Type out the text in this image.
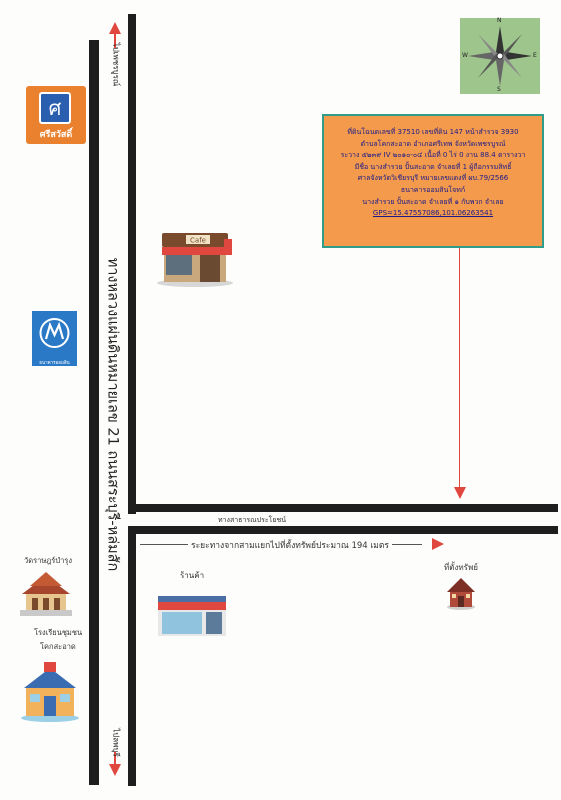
ไปเพชรบูรณ์
ไปลพบุรี
ทางหลวงแผ่นดินหมายเลข 21 ถนนสระบุรี-หล่มสัก	ทางสาธารณประโยชน์
ระยะทางจากสามแยกไปที่ตั้งทรัพย์ประมาณ 194 เมตร
N
S
E
W
ที่ดินโฉนดเลขที่ 37510 เลขที่ดิน 147 หน้าสำรวจ 3930
ตำบลโคกสะอาด อำเภอศรีเทพ จังหวัดเพชรบูรณ์
ระวาง ๕๒๓๙ IV ๒๐๑๐-๐๔ เนื้อที่ 0 ไร่ 0 งาน 88.4 ตารางวา
มีชื่อ นางสำรวย ปั้นสะอาด จำเลยที่ 1 ผู้ถือกรรมสิทธิ์
ศาลจังหวัดวิเชียรบุรี หมายเลขแดงที่ ผบ.79/2566
ธนาคารออมสินโจทก์
นางสำรวย ปั้นสะอาด จำเลยที่ ๑ กับพวก จำเลย
GPS=15.47557086,101.06263541
ศ
ศรีสวัสดิ์
ธนาคารออมสิน
Cafe
วัดราษฎร์บำรุง
โรงเรียนชุมชน
โคกสะอาด
ร้านค้า
ที่ตั้งทรัพย์
